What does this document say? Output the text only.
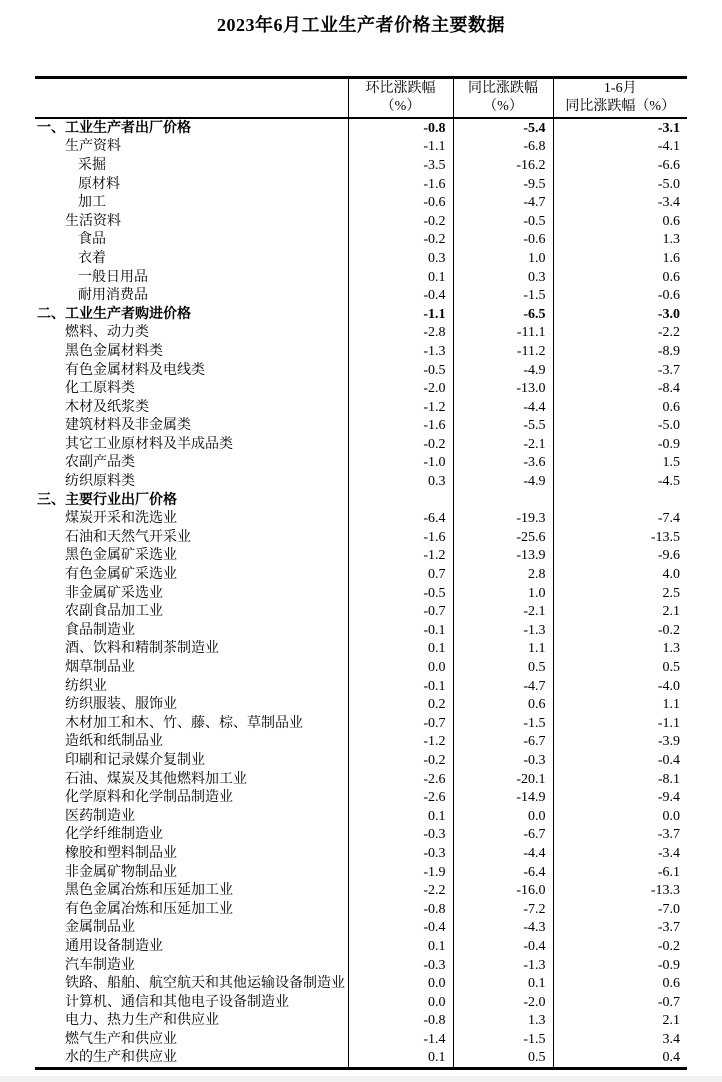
2023年6月工业生产者价格主要数据

环比涨跌幅
（%）

同比涨跌幅
（%）

1-6月
同比涨跌幅（%）

一、工业生产者出厂价格	-0.8	-5.4	-3.1
生产资料	-1.1	-6.8	-4.1
采掘	-3.5	-16.2	-6.6
原材料	-1.6	-9.5	-5.0
加工	-0.6	-4.7	-3.4
生活资料	-0.2	-0.5	0.6
食品	-0.2	-0.6	1.3
衣着	0.3	1.0	1.6
一般日用品	0.1	0.3	0.6
耐用消费品	-0.4	-1.5	-0.6
二、工业生产者购进价格	-1.1	-6.5	-3.0
燃料、动力类	-2.8	-11.1	-2.2
黑色金属材料类	-1.3	-11.2	-8.9
有色金属材料及电线类	-0.5	-4.9	-3.7
化工原料类	-2.0	-13.0	-8.4
木材及纸浆类	-1.2	-4.4	0.6
建筑材料及非金属类	-1.6	-5.5	-5.0
其它工业原材料及半成品类	-0.2	-2.1	-0.9
农副产品类	-1.0	-3.6	1.5
纺织原料类	0.3	-4.9	-4.5
三、主要行业出厂价格			
煤炭开采和洗选业	-6.4	-19.3	-7.4
石油和天然气开采业	-1.6	-25.6	-13.5
黑色金属矿采选业	-1.2	-13.9	-9.6
有色金属矿采选业	0.7	2.8	4.0
非金属矿采选业	-0.5	1.0	2.5
农副食品加工业	-0.7	-2.1	2.1
食品制造业	-0.1	-1.3	-0.2
酒、饮料和精制茶制造业	0.1	1.1	1.3
烟草制品业	0.0	0.5	0.5
纺织业	-0.1	-4.7	-4.0
纺织服装、服饰业	0.2	0.6	1.1
木材加工和木、竹、藤、棕、草制品业	-0.7	-1.5	-1.1
造纸和纸制品业	-1.2	-6.7	-3.9
印刷和记录媒介复制业	-0.2	-0.3	-0.4
石油、煤炭及其他燃料加工业	-2.6	-20.1	-8.1
化学原料和化学制品制造业	-2.6	-14.9	-9.4
医药制造业	0.1	0.0	0.0
化学纤维制造业	-0.3	-6.7	-3.7
橡胶和塑料制品业	-0.3	-4.4	-3.4
非金属矿物制品业	-1.9	-6.4	-6.1
黑色金属冶炼和压延加工业	-2.2	-16.0	-13.3
有色金属冶炼和压延加工业	-0.8	-7.2	-7.0
金属制品业	-0.4	-4.3	-3.7
通用设备制造业	0.1	-0.4	-0.2
汽车制造业	-0.3	-1.3	-0.9
铁路、船舶、航空航天和其他运输设备制造业	0.0	0.1	0.6
计算机、通信和其他电子设备制造业	0.0	-2.0	-0.7
电力、热力生产和供应业	-0.8	1.3	2.1
燃气生产和供应业	-1.4	-1.5	3.4
水的生产和供应业	0.1	0.5	0.4
